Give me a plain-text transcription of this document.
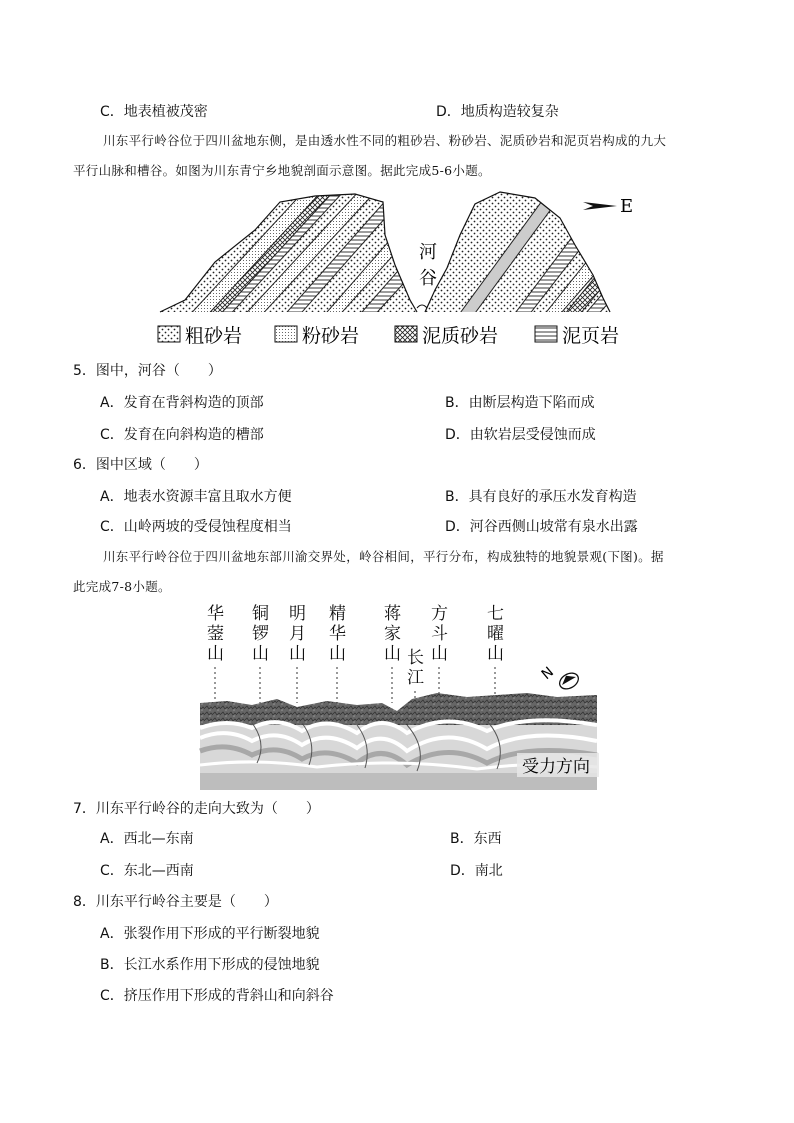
C．地表植被茂密	D．地质构造较复杂
川东平行岭谷位于四川盆地东侧，是由透水性不同的粗砂岩、粉砂岩、泥质砂岩和泥页岩构成的九大
平行山脉和槽谷。如图为川东青宁乡地貌剖面示意图。据此完成5-6小题。
河
谷
E
粗砂岩	粉砂岩	泥质砂岩	泥页岩
5．图中，河谷（　　）
A．发育在背斜构造的顶部	B．由断层构造下陷而成
C．发育在向斜构造的槽部	D．由软岩层受侵蚀而成
6．图中区域（　　）
A．地表水资源丰富且取水方便	B．具有良好的承压水发育构造
C．山岭两坡的受侵蚀程度相当	D．河谷西侧山坡常有泉水出露
川东平行岭谷位于四川盆地东部川渝交界处，岭谷相间，平行分布，构成独特的地貌景观(下图)。据
此完成7-8小题。
华
蓥
山
铜
锣
山
明
月
山
精
华
山
蒋
家
山 长
江
方
斗
山
七
曜
山
N
受力方向
7．川东平行岭谷的走向大致为（　　）
A．西北—东南	B．东西
C．东北—西南	D．南北
8．川东平行岭谷主要是（　　）
A．张裂作用下形成的平行断裂地貌
B．长江水系作用下形成的侵蚀地貌
C．挤压作用下形成的背斜山和向斜谷
